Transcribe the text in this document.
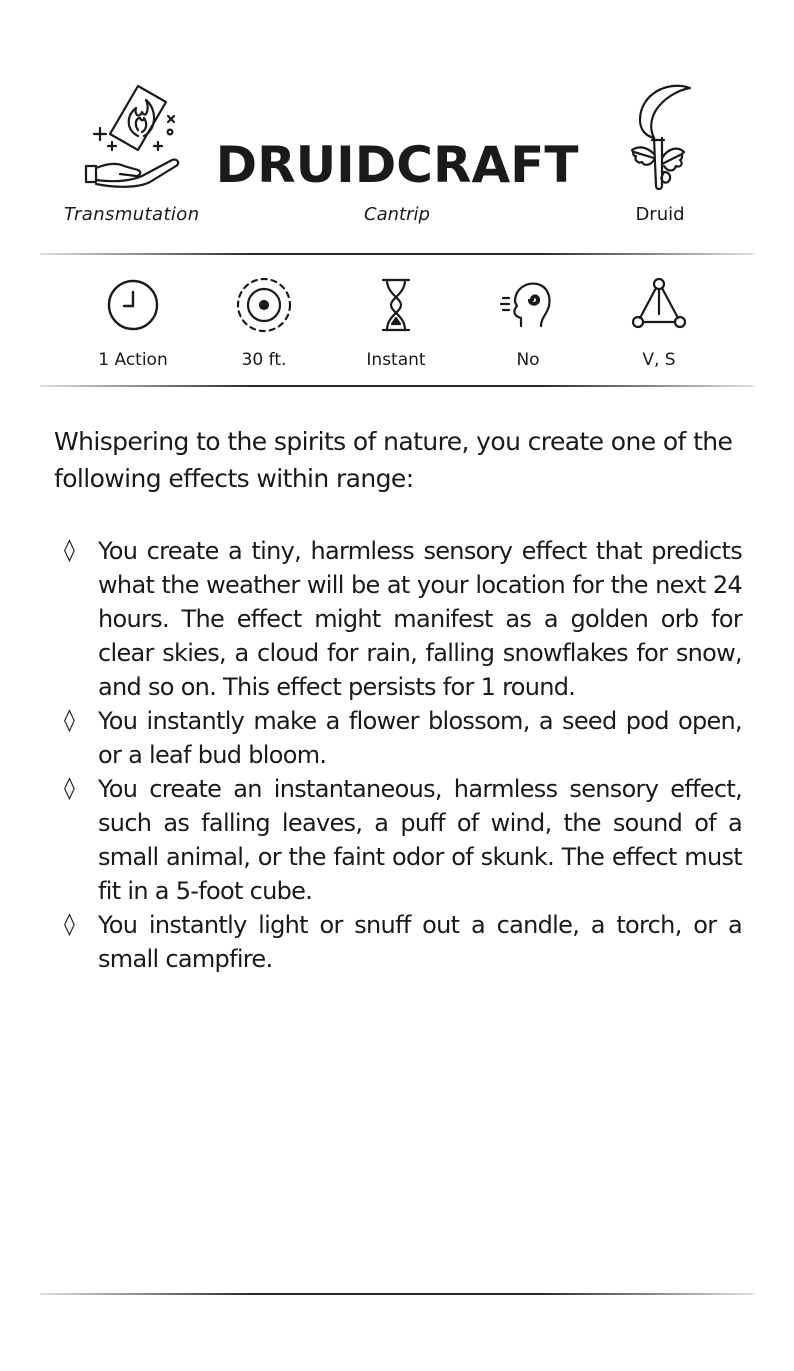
DRUIDCRAFT
Transmutation	Cantrip	Druid
1 Action	30 ft.	Instant	No	V, S

Whispering to the spirits of nature, you create one of the following effects within range:

◊ You create a tiny, harmless sensory effect that predicts what the weather will be at your location for the next 24 hours. The effect might manifest as a golden orb for clear skies, a cloud for rain, falling snowflakes for snow, and so on. This effect persists for 1 round.
◊ You instantly make a flower blossom, a seed pod open, or a leaf bud bloom.
◊ You create an instantaneous, harmless sensory effect, such as falling leaves, a puff of wind, the sound of a small animal, or the faint odor of skunk. The effect must fit in a 5-foot cube.
◊ You instantly light or snuff out a candle, a torch, or a small campfire.
